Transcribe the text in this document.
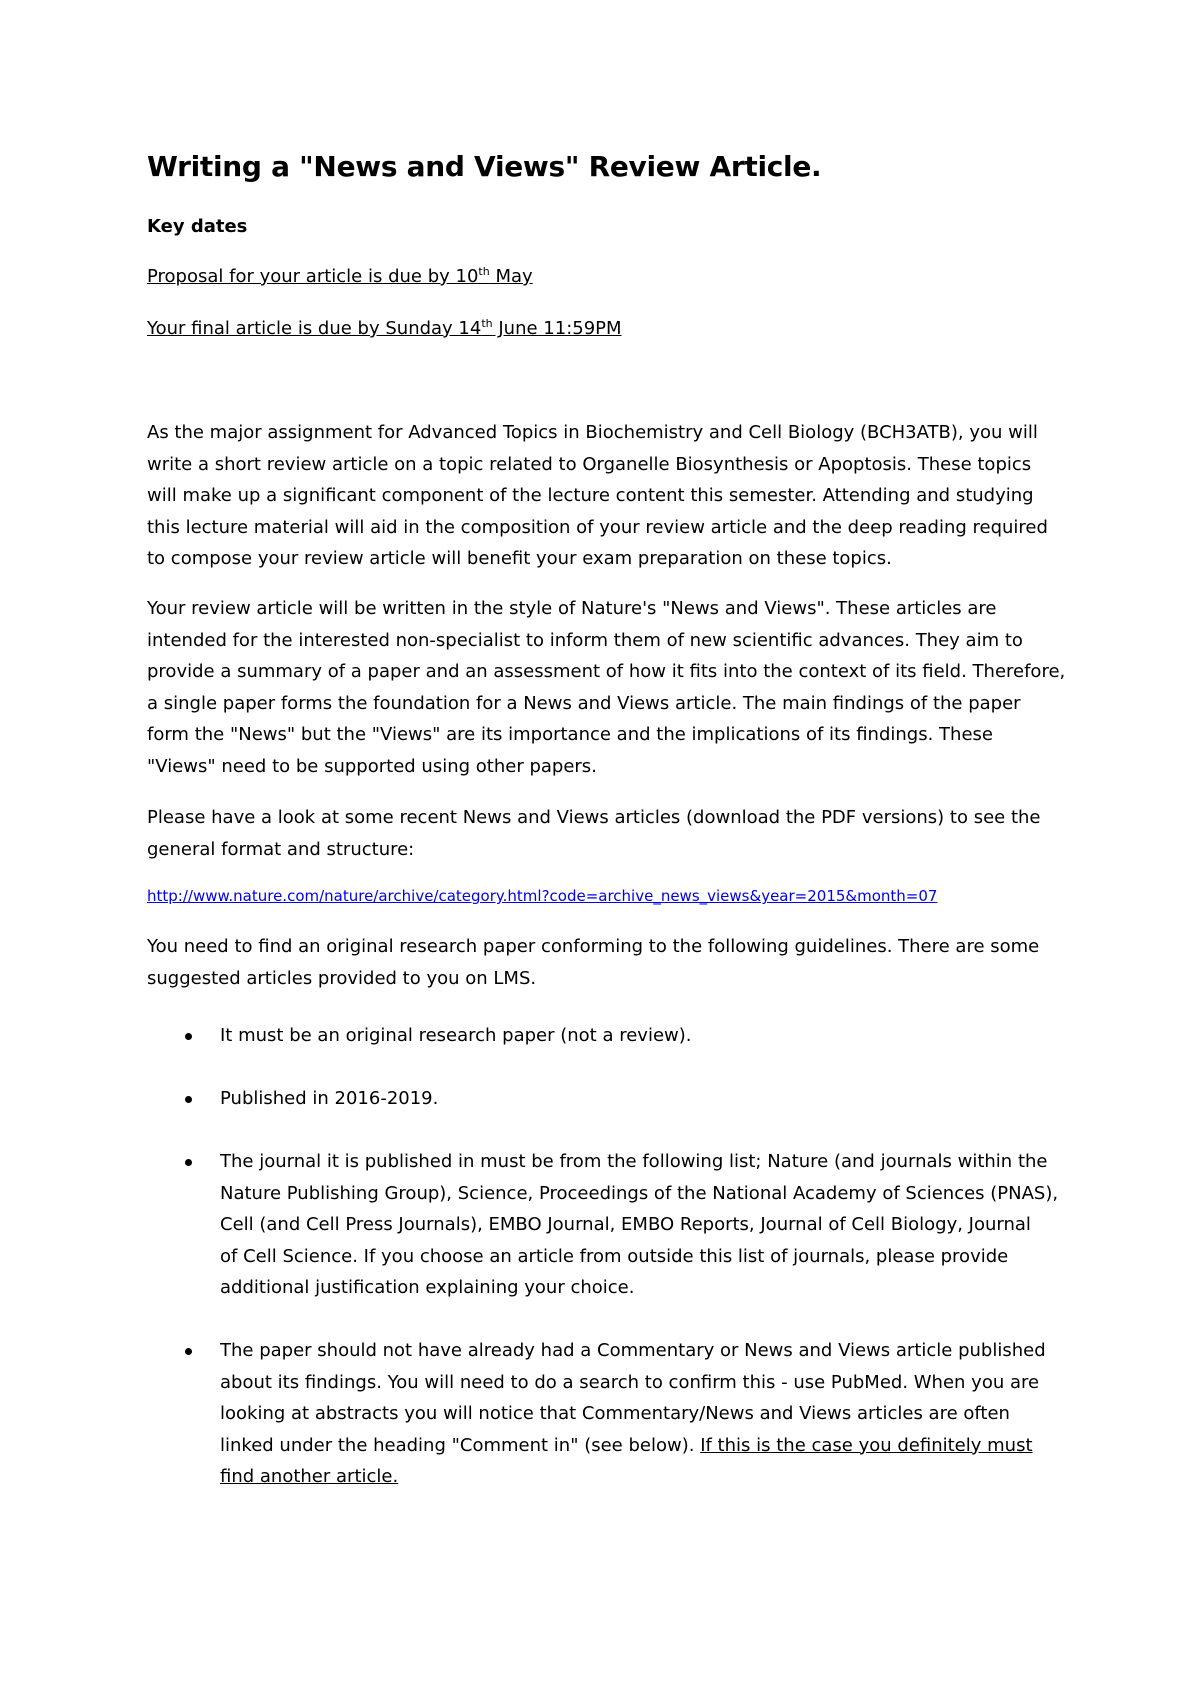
Writing a "News and Views" Review Article.
Key dates
Proposal for your article is due by 10th May
Your final article is due by Sunday 14th June 11:59PM
As the major assignment for Advanced Topics in Biochemistry and Cell Biology (BCH3ATB), you will
write a short review article on a topic related to Organelle Biosynthesis or Apoptosis. These topics
will make up a significant component of the lecture content this semester. Attending and studying
this lecture material will aid in the composition of your review article and the deep reading required
to compose your review article will benefit your exam preparation on these topics.
Your review article will be written in the style of Nature's "News and Views". These articles are
intended for the interested non-specialist to inform them of new scientific advances. They aim to
provide a summary of a paper and an assessment of how it fits into the context of its field. Therefore,
a single paper forms the foundation for a News and Views article. The main findings of the paper
form the "News" but the "Views" are its importance and the implications of its findings. These
"Views" need to be supported using other papers.
Please have a look at some recent News and Views articles (download the PDF versions) to see the
general format and structure:
http://www.nature.com/nature/archive/category.html?code=archive_news_views&year=2015&month=07
You need to find an original research paper conforming to the following guidelines. There are some
suggested articles provided to you on LMS.
It must be an original research paper (not a review).
Published in 2016-2019.
The journal it is published in must be from the following list; Nature (and journals within the
Nature Publishing Group), Science, Proceedings of the National Academy of Sciences (PNAS),
Cell (and Cell Press Journals), EMBO Journal, EMBO Reports, Journal of Cell Biology, Journal
of Cell Science. If you choose an article from outside this list of journals, please provide
additional justification explaining your choice.
The paper should not have already had a Commentary or News and Views article published
about its findings. You will need to do a search to confirm this - use PubMed. When you are
looking at abstracts you will notice that Commentary/News and Views articles are often
linked under the heading "Comment in" (see below). If this is the case you definitely must
find another article.
